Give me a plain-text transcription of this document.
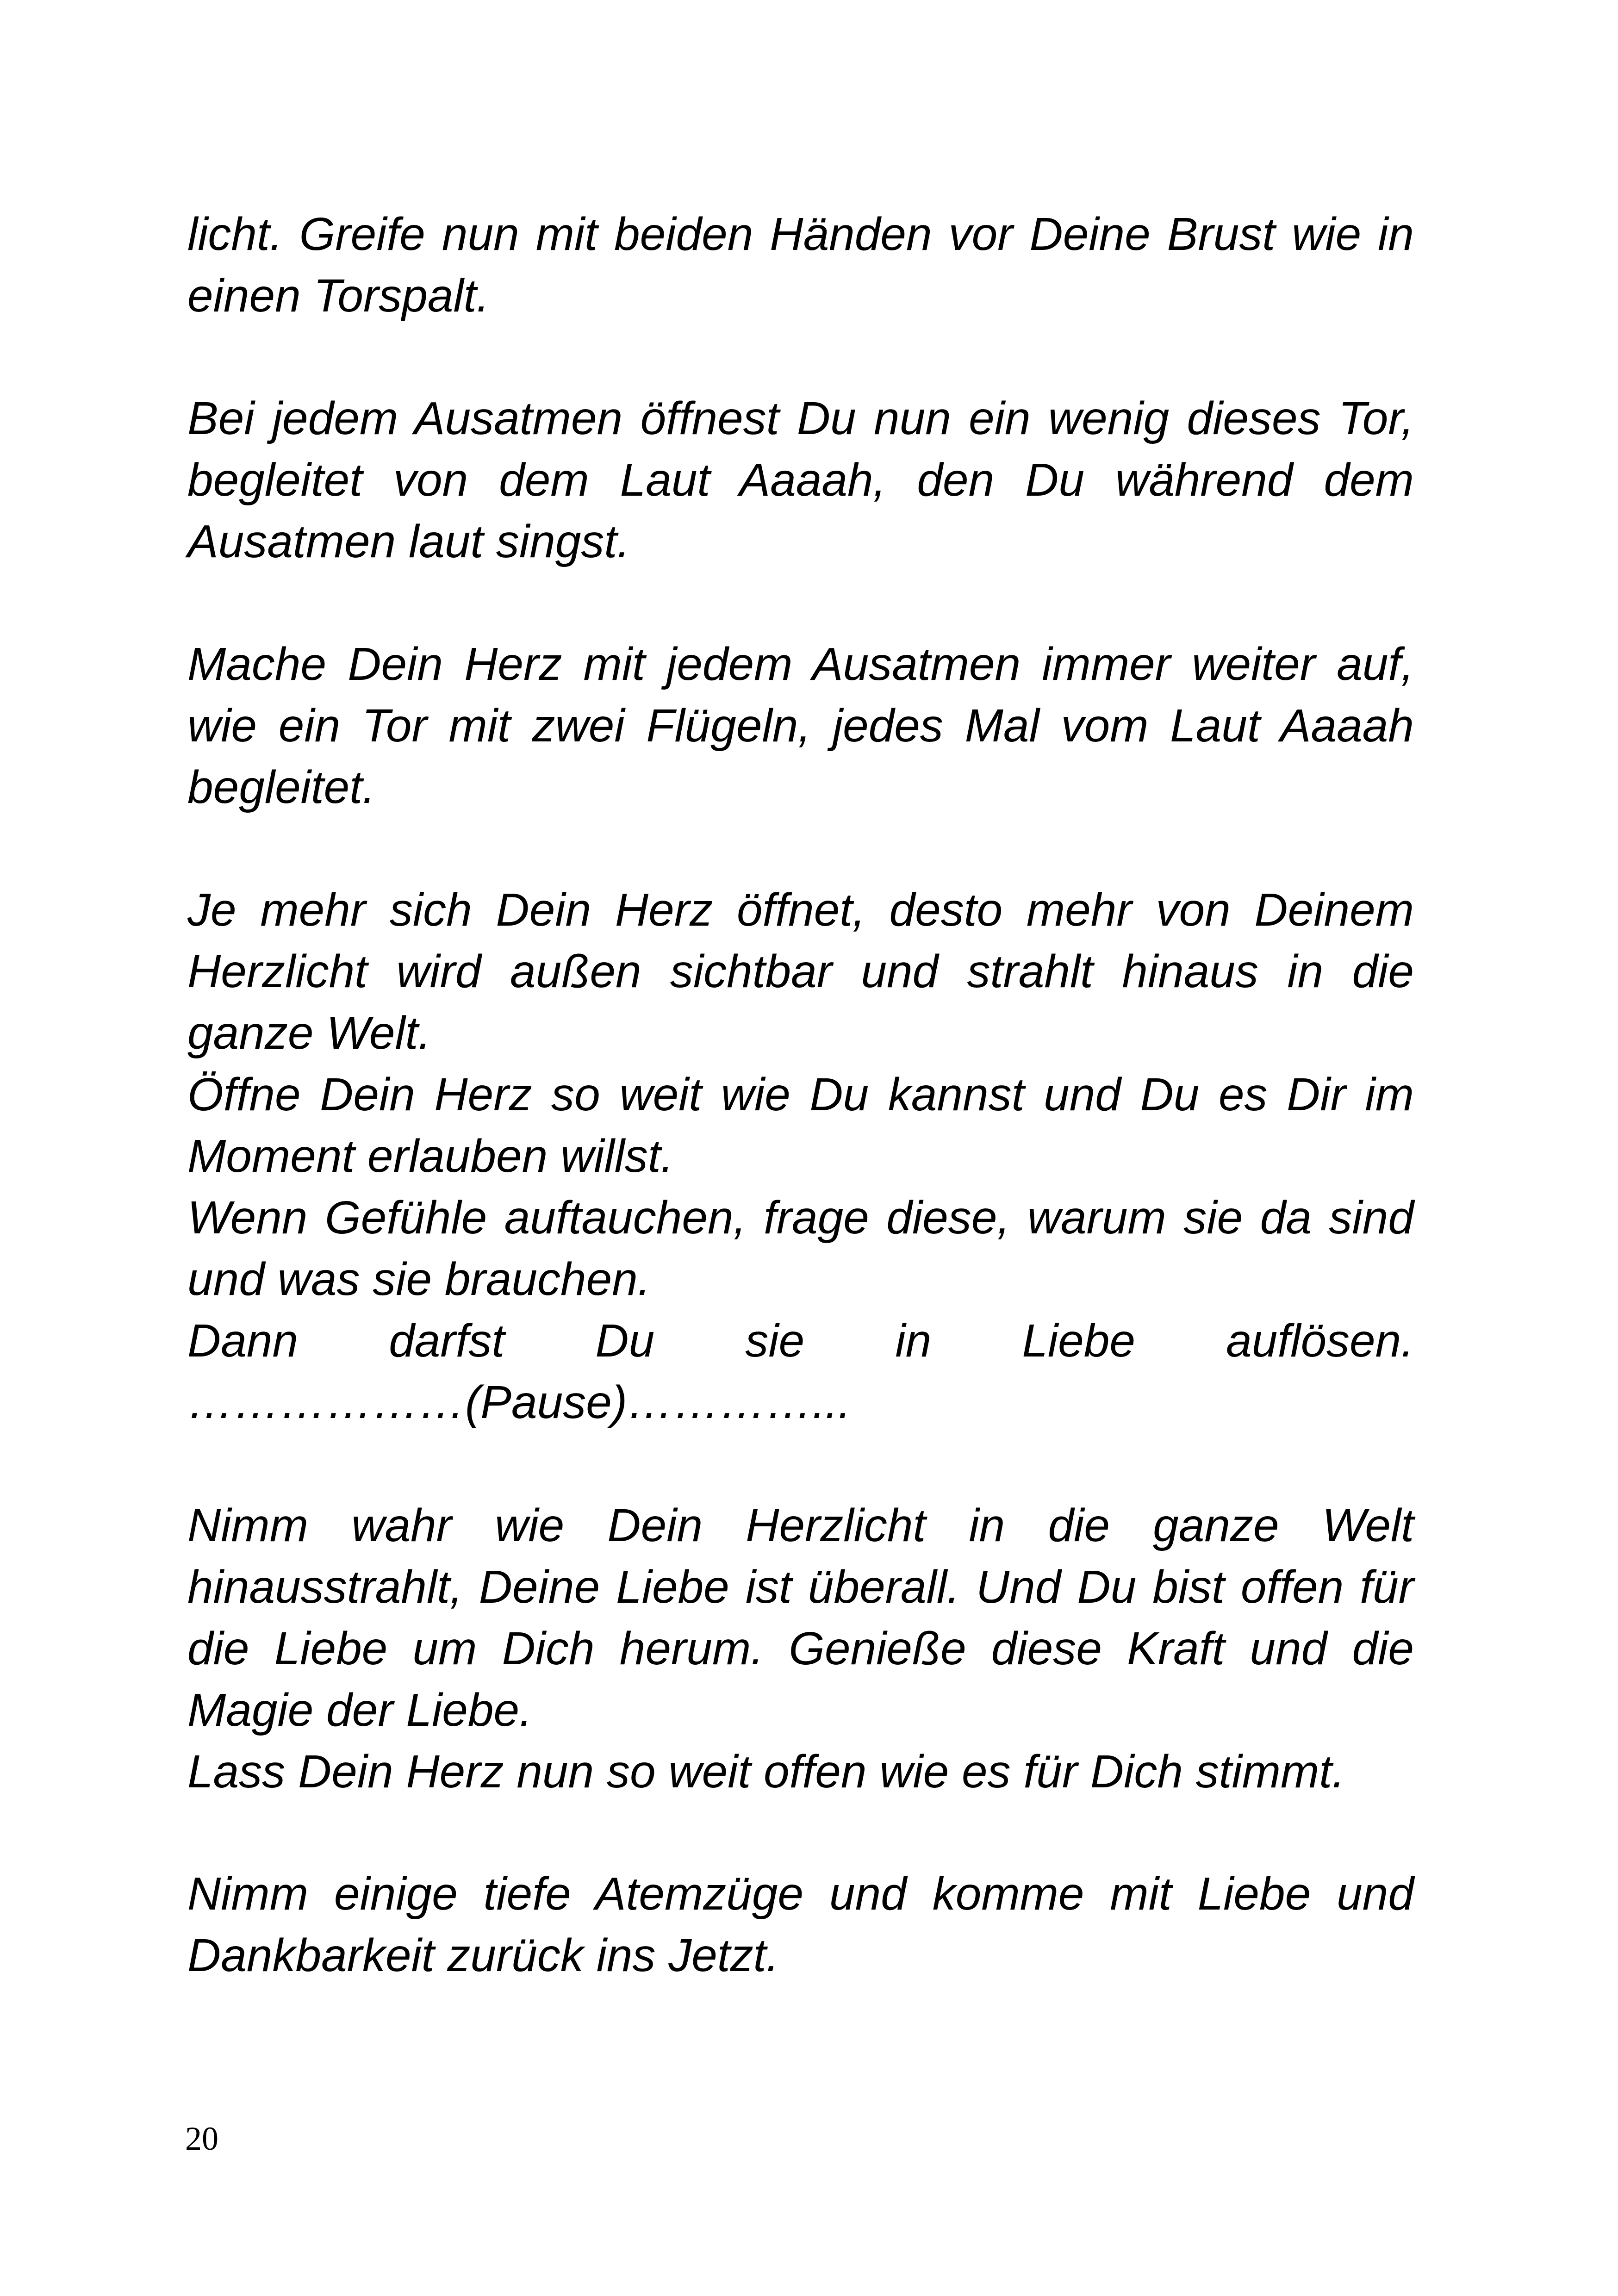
licht. Greife nun mit beiden Händen vor Deine Brust wie in einen Torspalt.

Bei jedem Ausatmen öffnest Du nun ein wenig dieses Tor, begleitet von dem Laut Aaaah, den Du während dem Ausatmen laut singst.

Mache Dein Herz mit jedem Ausatmen immer weiter auf, wie ein Tor mit zwei Flügeln, jedes Mal vom Laut Aaaah begleitet.

Je mehr sich Dein Herz öffnet, desto mehr von Deinem Herzlicht wird außen sichtbar und strahlt hinaus in die ganze Welt.

Öffne Dein Herz so weit wie Du kannst und Du es Dir im Moment erlauben willst.

Wenn Gefühle auftauchen, frage diese, warum sie da sind und was sie brauchen.

Dann darfst Du sie in Liebe auflösen.

………………(Pause)…………...

Nimm wahr wie Dein Herzlicht in die ganze Welt hinausstrahlt, Deine Liebe ist überall. Und Du bist offen für die Liebe um Dich herum. Genieße diese Kraft und die Magie der Liebe.

Lass Dein Herz nun so weit offen wie es für Dich stimmt.

Nimm einige tiefe Atemzüge und komme mit Liebe und Dankbarkeit zurück ins Jetzt.

20
